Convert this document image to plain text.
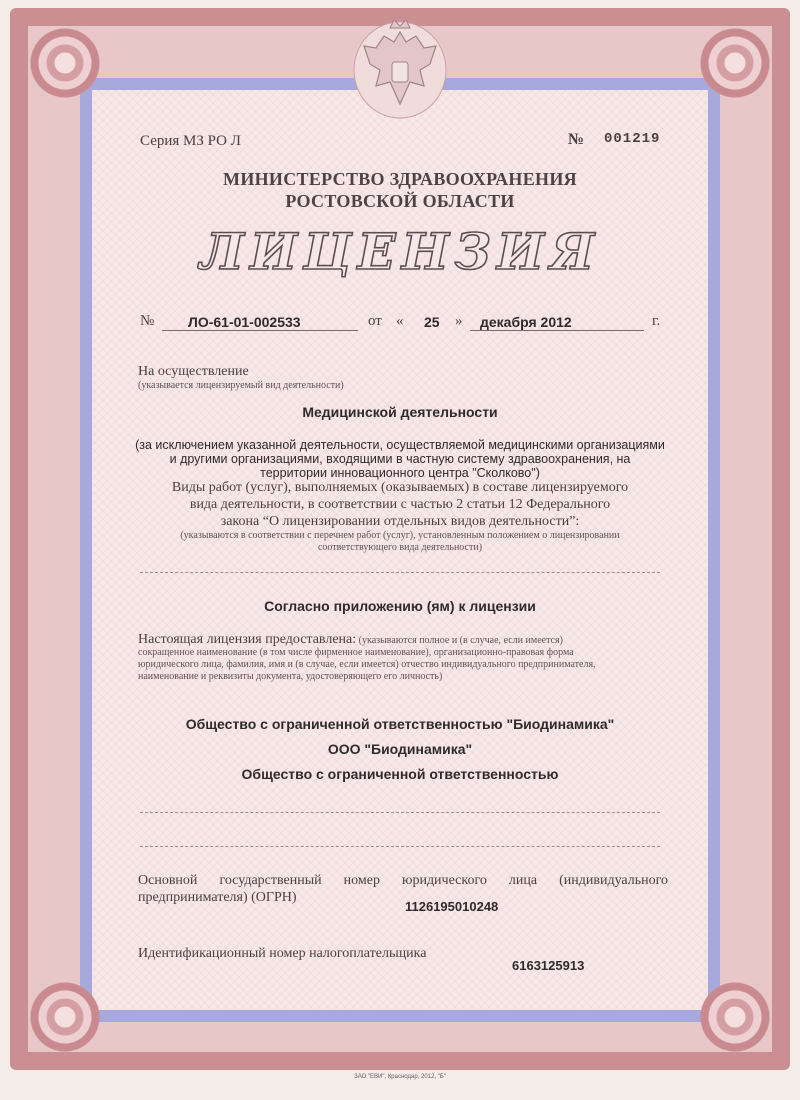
Серия МЗ РО Л	№ 001219
МИНИСТЕРСТВО ЗДРАВООХРАНЕНИЯ
РОСТОВСКОЙ ОБЛАСТИ
ЛИЦЕНЗИЯ
№ ЛО-61-01-002533	от « 25 » декабря 2012	г.
На осуществление
(указывается лицензируемый вид деятельности)
Медицинской деятельности
(за исключением указанной деятельности, осуществляемой медицинскими организациями
и другими организациями, входящими в частную систему здравоохранения, на
территории инновационного центра "Сколково")
Виды работ (услуг), выполняемых (оказываемых) в составе лицензируемого
вида деятельности, в соответствии с частью 2 статьи 12 Федерального
закона “О лицензировании отдельных видов деятельности”:
(указываются в соответствии с перечнем работ (услуг), установленным положением о лицензировании
соответствующего вида деятельности)
Согласно приложению (ям) к лицензии
Настоящая лицензия предоставлена: (указываются полное и (в случае, если имеется)
сокращенное наименование (в том числе фирменное наименование), организационно-правовая форма
юридического лица, фамилия, имя и (в случае, если имеется) отчество индивидуального предпринимателя,
наименование и реквизиты документа, удостоверяющего его личность)
Общество с ограниченной ответственностью "Биодинамика"
ООО "Биодинамика"
Общество с ограниченной ответственностью
Основной государственный номер юридического лица (индивидуального
предпринимателя) (ОГРН)
1126195010248
Идентификационный номер налогоплательщика
6163125913
ЗАО "ЕВИ", Краснодар, 2012, "Б"
